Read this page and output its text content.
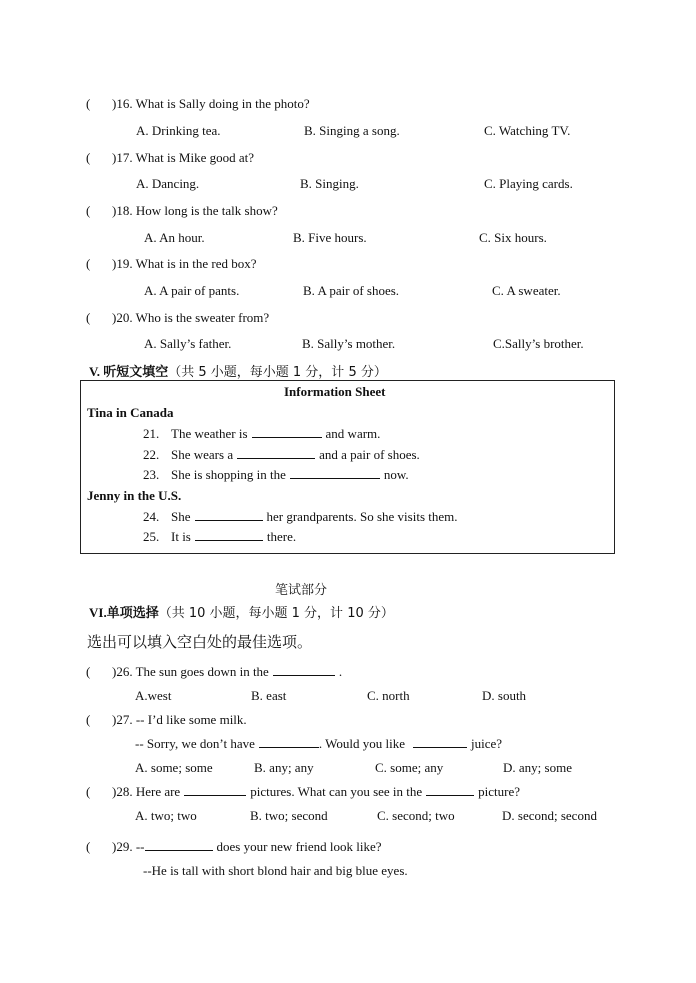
( )16. What is Sally doing in the photo?
A. Drinking tea.	B. Singing a song.	C. Watching TV.
( )17. What is Mike good at?
A. Dancing.	B. Singing.	C. Playing cards.
( )18. How long is the talk show?
A. An hour.	B. Five hours.	C. Six hours.
( )19. What is in the red box?
A. A pair of pants.	B. A pair of shoes.	C. A sweater.
( )20. Who is the sweater from?
A. Sally’s father.	B. Sally’s mother.	C.Sally’s brother.
V. 听短文填空（共 5 小题，每小题 1 分，计 5 分）
Information Sheet
Tina in Canada
21. The weather is	and warm.
22. She wears a	and a pair of shoes.
23. She is shopping in the	now.
Jenny in the U.S.
24. She	her grandparents. So she visits them.
25. It is	there.
笔试部分
VI.单项选择（共 10 小题，每小题 1 分，计 10 分）
选出可以填入空白处的最佳选项。
( )26. The sun goes down in the	.
A.west	B. east	C. north	D. south
( )27. -- I’d like some milk.
-- Sorry, we don’t have	. Would you like	juice?
A. some; some	B. any; any	C. some; any	D. any; some
( )28. Here are	pictures. What can you see in the	picture?
A. two; two	B. two; second	C. second; two	D. second; second
( )29. --	does your new friend look like?
--He is tall with short blond hair and big blue eyes.
